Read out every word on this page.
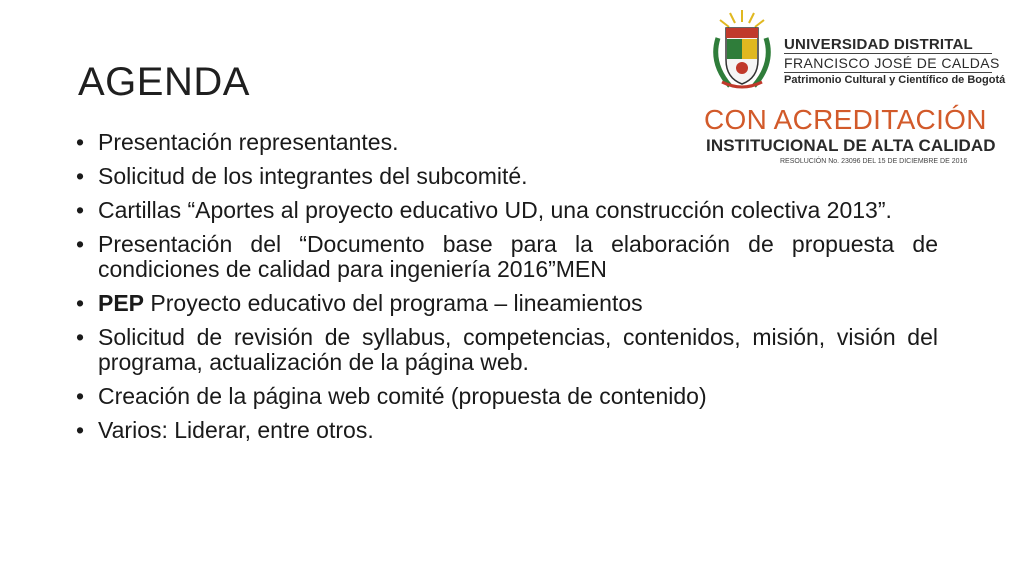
AGENDA
• Presentación representantes.
• Solicitud de los integrantes del subcomité.
• Cartillas “Aportes al proyecto educativo UD, una construcción colectiva 2013”.
• Presentación del “Documento base para la elaboración de propuesta de condiciones de calidad para ingeniería 2016”MEN
• PEP Proyecto educativo del programa – lineamientos
• Solicitud de revisión de syllabus, competencias, contenidos, misión, visión del programa, actualización de la página web.
• Creación de la página web comité (propuesta de contenido)
• Varios: Liderar, entre otros.
UNIVERSIDAD DISTRITAL
FRANCISCO JOSÉ DE CALDAS
Patrimonio Cultural y Científico de Bogotá
CON ACREDITACIÓN
INSTITUCIONAL DE ALTA CALIDAD
RESOLUCIÓN No. 23096 DEL 15 DE DICIEMBRE DE 2016
